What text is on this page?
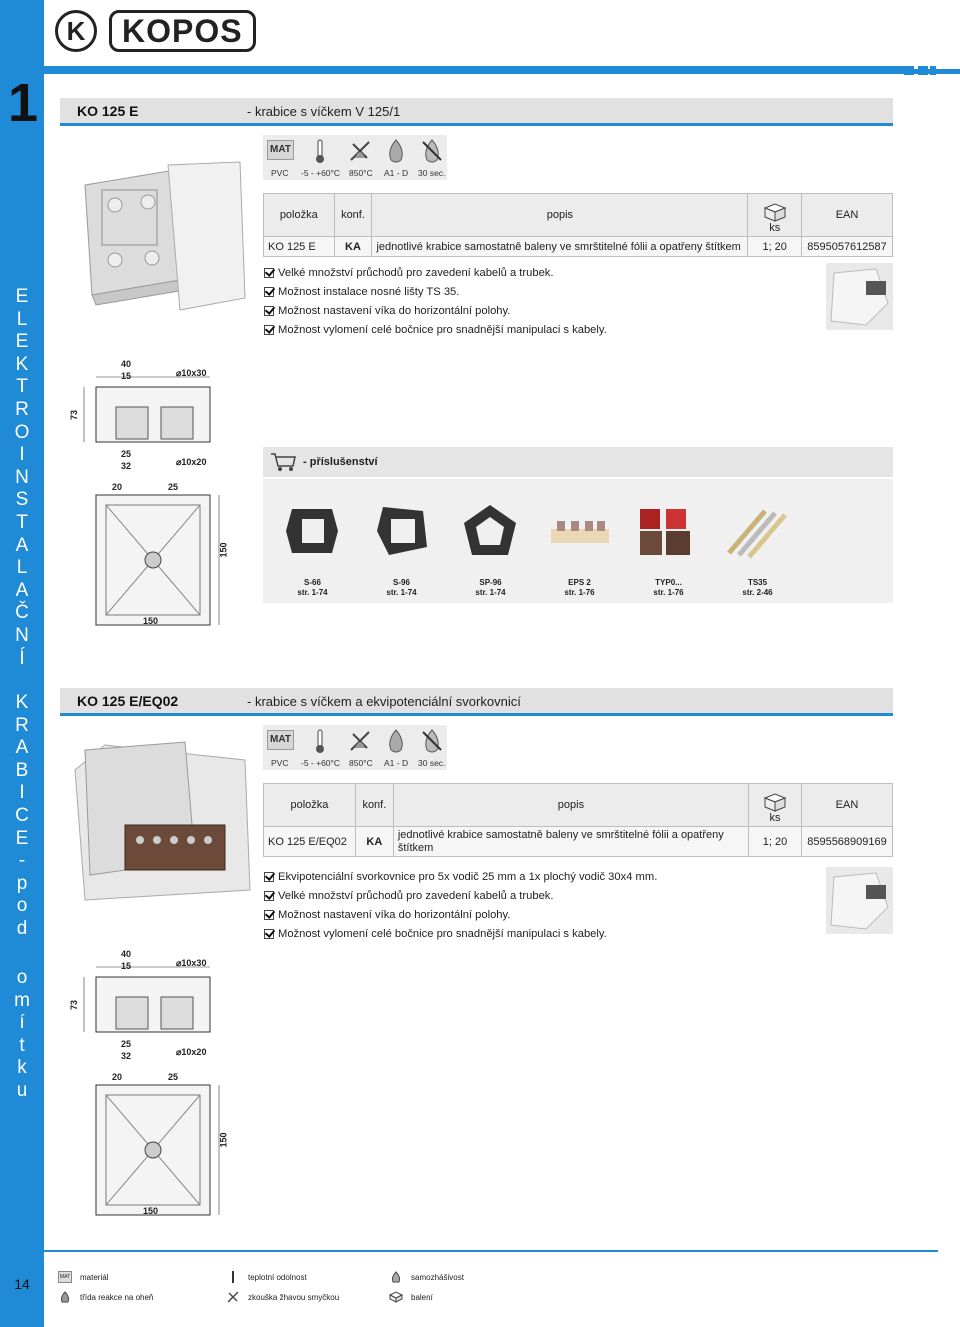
1
E
L
E
K
T
R
O
I
N
S
T
A
L
A
Č
N
Í
K
R
A
B
I
C
E
-
p
o
d
o
m
í
t
k
u
14
K	KOPOS
KO 125 E	- krabice s víčkem V 125/1
40
15	⌀10x30
73
25
32	⌀10x20
20	25
150
150
MAT
PVC -5 - +60°C 850°C A1 - D 30 sec.
položka	konf.	popis	ks	EAN
KO 125 E	KA	jednotlivé krabice samostatně baleny ve smrštitelné fólii a opatřeny štítkem	1; 20	8595057612587
Velké množství průchodů pro zavedení kabelů a trubek.
Možnost instalace nosné lišty TS 35.
Možnost nastavení víka do horizontální polohy.
Možnost vylomení celé bočnice pro snadnější manipulaci s kabely.
- příslušenství
S-66
str. 1-74
S-96
str. 1-74
SP-96
str. 1-74
EPS 2
str. 1-76
TYP0...
str. 1-76
TS35
str. 2-46
KO 125 E/EQ02	- krabice s víčkem a ekvipotenciální svorkovnicí
40
15	⌀10x30
73
25
32	⌀10x20
20	25
150
150
MAT
PVC -5 - +60°C 850°C A1 - D 30 sec.
položka	konf.	popis	ks	EAN
KO 125 E/EQ02	KA	jednotlivé krabice samostatně baleny ve smrštitelné fólii a opatřeny štítkem	1; 20	8595568909169
Ekvipotenciální svorkovnice pro 5x vodič 25 mm a 1x plochý vodič 30x4 mm.
Velké množství průchodů pro zavedení kabelů a trubek.
Možnost nastavení víka do horizontální polohy.
Možnost vylomení celé bočnice pro snadnější manipulaci s kabely.
MAT materiál	teplotní odolnost	samozhášivost
třída reakce na oheň	zkouška žhavou smyčkou	balení
